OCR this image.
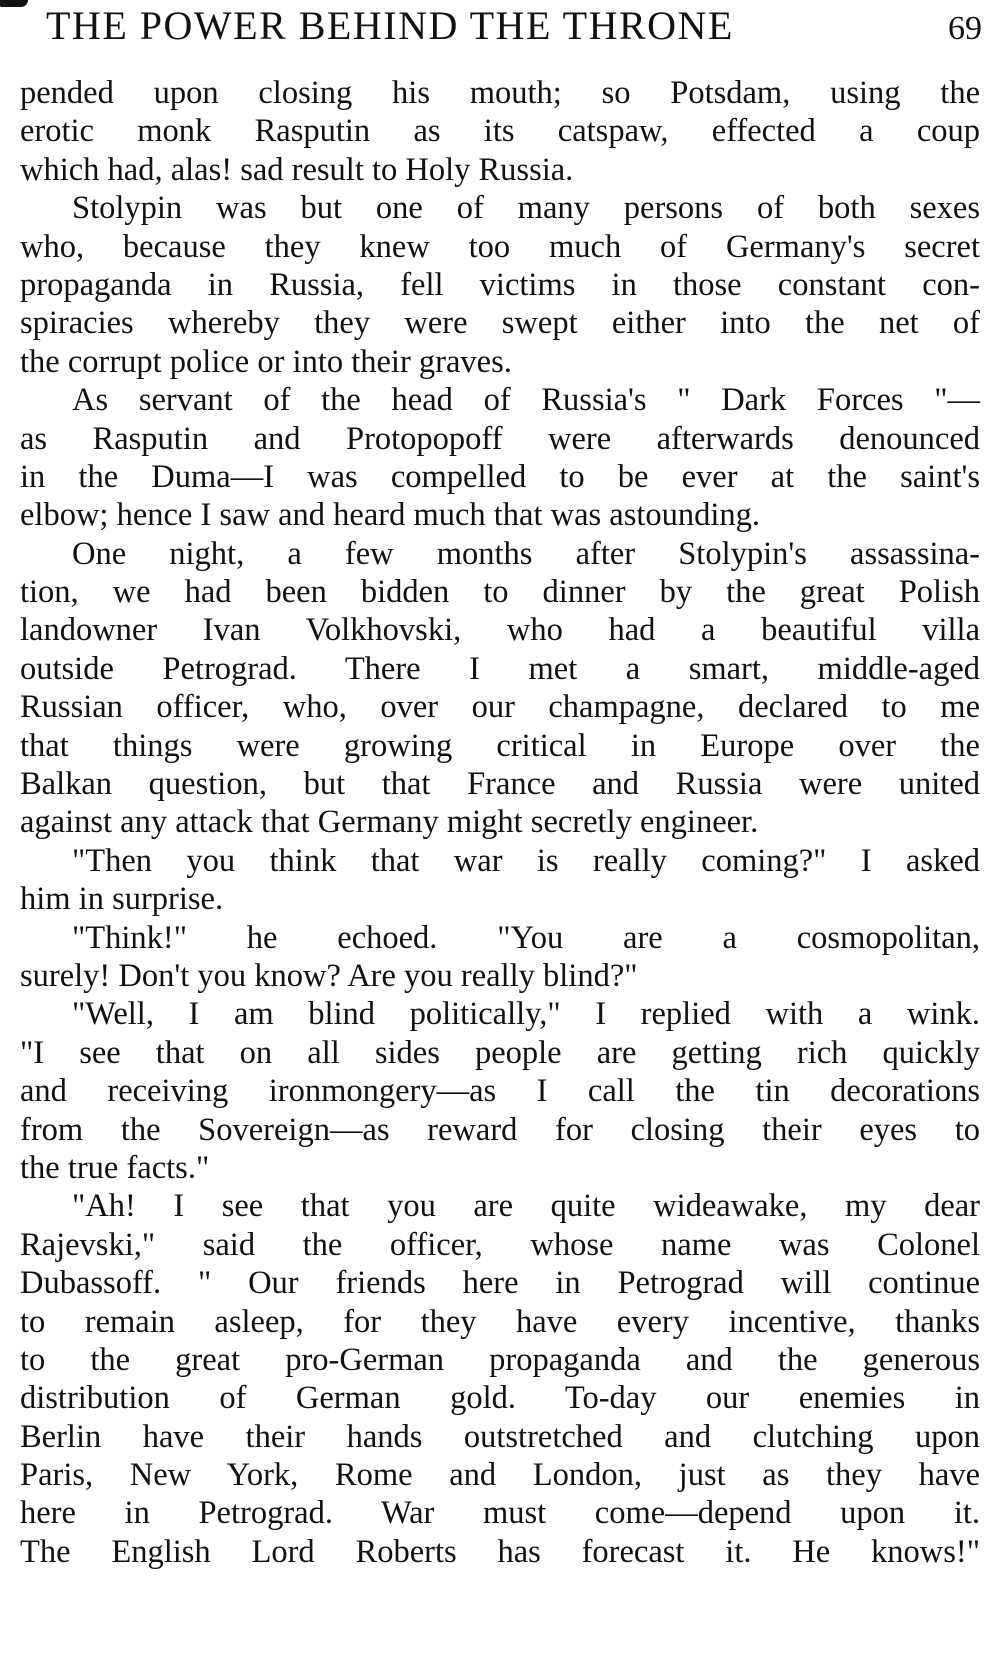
THE POWER BEHIND THE THRONE	69
pended upon closing his mouth; so Potsdam, using the
erotic monk Rasputin as its catspaw, effected a coup
which had, alas! sad result to Holy Russia.
Stolypin was but one of many persons of both sexes
who, because they knew too much of Germany's secret
propaganda in Russia, fell victims in those constant con-
spiracies whereby they were swept either into the net of
the corrupt police or into their graves.
As servant of the head of Russia's " Dark Forces "—
as Rasputin and Protopopoff were afterwards denounced
in the Duma—I was compelled to be ever at the saint's
elbow; hence I saw and heard much that was astounding.
One night, a few months after Stolypin's assassina-
tion, we had been bidden to dinner by the great Polish
landowner Ivan Volkhovski, who had a beautiful villa
outside Petrograd. There I met a smart, middle-aged
Russian officer, who, over our champagne, declared to me
that things were growing critical in Europe over the
Balkan question, but that France and Russia were united
against any attack that Germany might secretly engineer.
"Then you think that war is really coming?" I asked
him in surprise.
"Think!" he echoed. "You are a cosmopolitan,
surely! Don't you know? Are you really blind?"
"Well, I am blind politically," I replied with a wink.
"I see that on all sides people are getting rich quickly
and receiving ironmongery—as I call the tin decorations
from the Sovereign—as reward for closing their eyes to
the true facts."
"Ah! I see that you are quite wideawake, my dear
Rajevski," said the officer, whose name was Colonel
Dubassoff. " Our friends here in Petrograd will continue
to remain asleep, for they have every incentive, thanks
to the great pro-German propaganda and the generous
distribution of German gold. To-day our enemies in
Berlin have their hands outstretched and clutching upon
Paris, New York, Rome and London, just as they have
here in Petrograd. War must come—depend upon it.
The English Lord Roberts has forecast it. He knows!"
